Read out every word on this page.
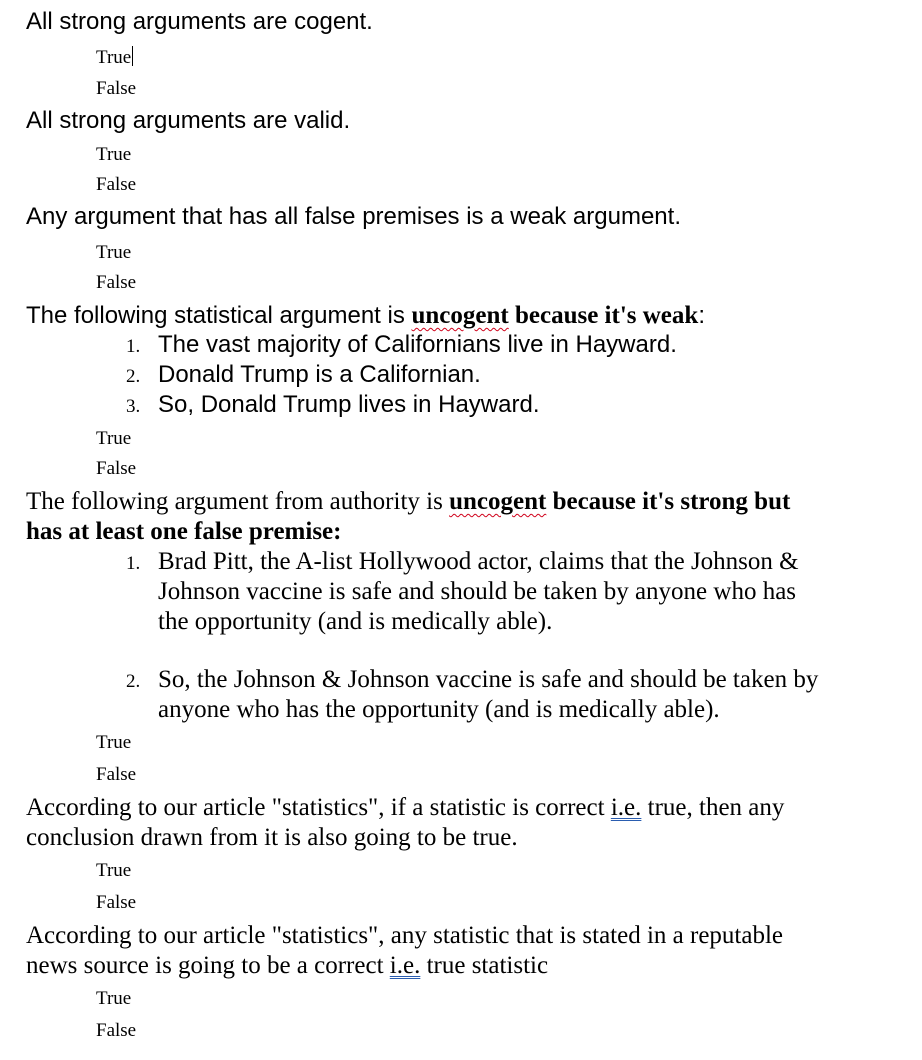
All strong arguments are cogent.
True
False
All strong arguments are valid.
True
False
Any argument that has all false premises is a weak argument.
True
False
The following statistical argument is uncogent because it's weak:
1. The vast majority of Californians live in Hayward.
2. Donald Trump is a Californian.
3. So, Donald Trump lives in Hayward.
True
False
The following argument from authority is uncogent because it's strong but
has at least one false premise:
1. Brad Pitt, the A-list Hollywood actor, claims that the Johnson &
Johnson vaccine is safe and should be taken by anyone who has
the opportunity (and is medically able).
2. So, the Johnson & Johnson vaccine is safe and should be taken by
anyone who has the opportunity (and is medically able).
True
False
According to our article "statistics", if a statistic is correct i.e. true, then any
conclusion drawn from it is also going to be true.
True
False
According to our article "statistics", any statistic that is stated in a reputable
news source is going to be a correct i.e. true statistic
True
False
